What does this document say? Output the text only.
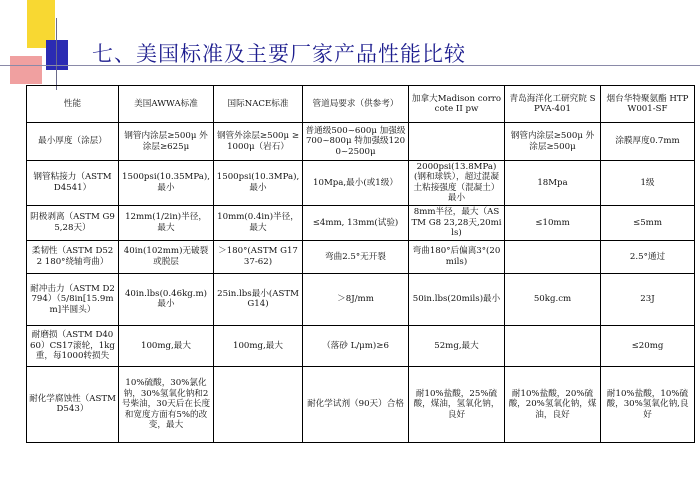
七、美国标准及主要厂家产品性能比较
性能	美国AWWA标准	国际NACE标准	管道局要求（供参考）	加拿大Madison corrocote II pw	青岛海洋化工研究院 SPVA-401	烟台华特聚氨酯 HTPW001-SF
最小厚度（涂层）	钢管内涂层≥500μ 外涂层≥625μ	钢管外涂层≥500μ ≥1000μ（岩石）	普通级500~600μ 加强级700~800μ 特加强级1200~2500μ		钢管内涂层≥500μ 外涂层≥500μ	涂膜厚度0.7mm
钢管粘接力（ASTM D4541）	1500psi(10.35MPa),最小	1500psi(10.3MPa),最小	10Mpa,最小(或1级）	2000psi(13.8MPa)(钢和球铁），超过混凝土粘接强度（混凝土）最小	18Mpa	1级
阴极剥离（ASTM G95,28天）	12mm(1/2in)半径，最大	10mm(0.4in)半径，最大	≤4mm, 13mm(试验)	8mm半径，最大（ASTM G8 23,28天,20mils)	≤10mm	≤5mm
柔韧性（ASTM D522 180°绕轴弯曲）	40in(102mm)无破裂或脱层	＞180°(ASTM G1737-62)	弯曲2.5°无开裂	弯曲180°后偏离3°(20mils)		2.5°通过
耐冲击力（ASTM D2794）（5/8in[15.9mm]半圆头）	40in.lbs(0.46kg.m)最小	25in.lbs最小(ASTM G14)	＞8J/mm	50in.lbs(20mils)最小	50kg.cm	23J
耐磨损（ASTM D4060）CS17滚轮，1kg重，每1000转损失	100mg,最大	100mg,最大	（落砂 L/μm)≥6	52mg,最大		≤20mg
耐化学腐蚀性（ASTM D543）	10%硫酸，30%氯化钠，30%氢氧化钠和2号柴油，30天后在长度和宽度方面有5%的改变，最大		耐化学试剂（90天）合格	耐10%盐酸，25%硫酸，煤油，氢氧化钠，良好	耐10%盐酸，20%硫酸，20%氢氧化钠，煤油，良好	耐10%盐酸，10%硫酸，30%氢氧化钠,良好
